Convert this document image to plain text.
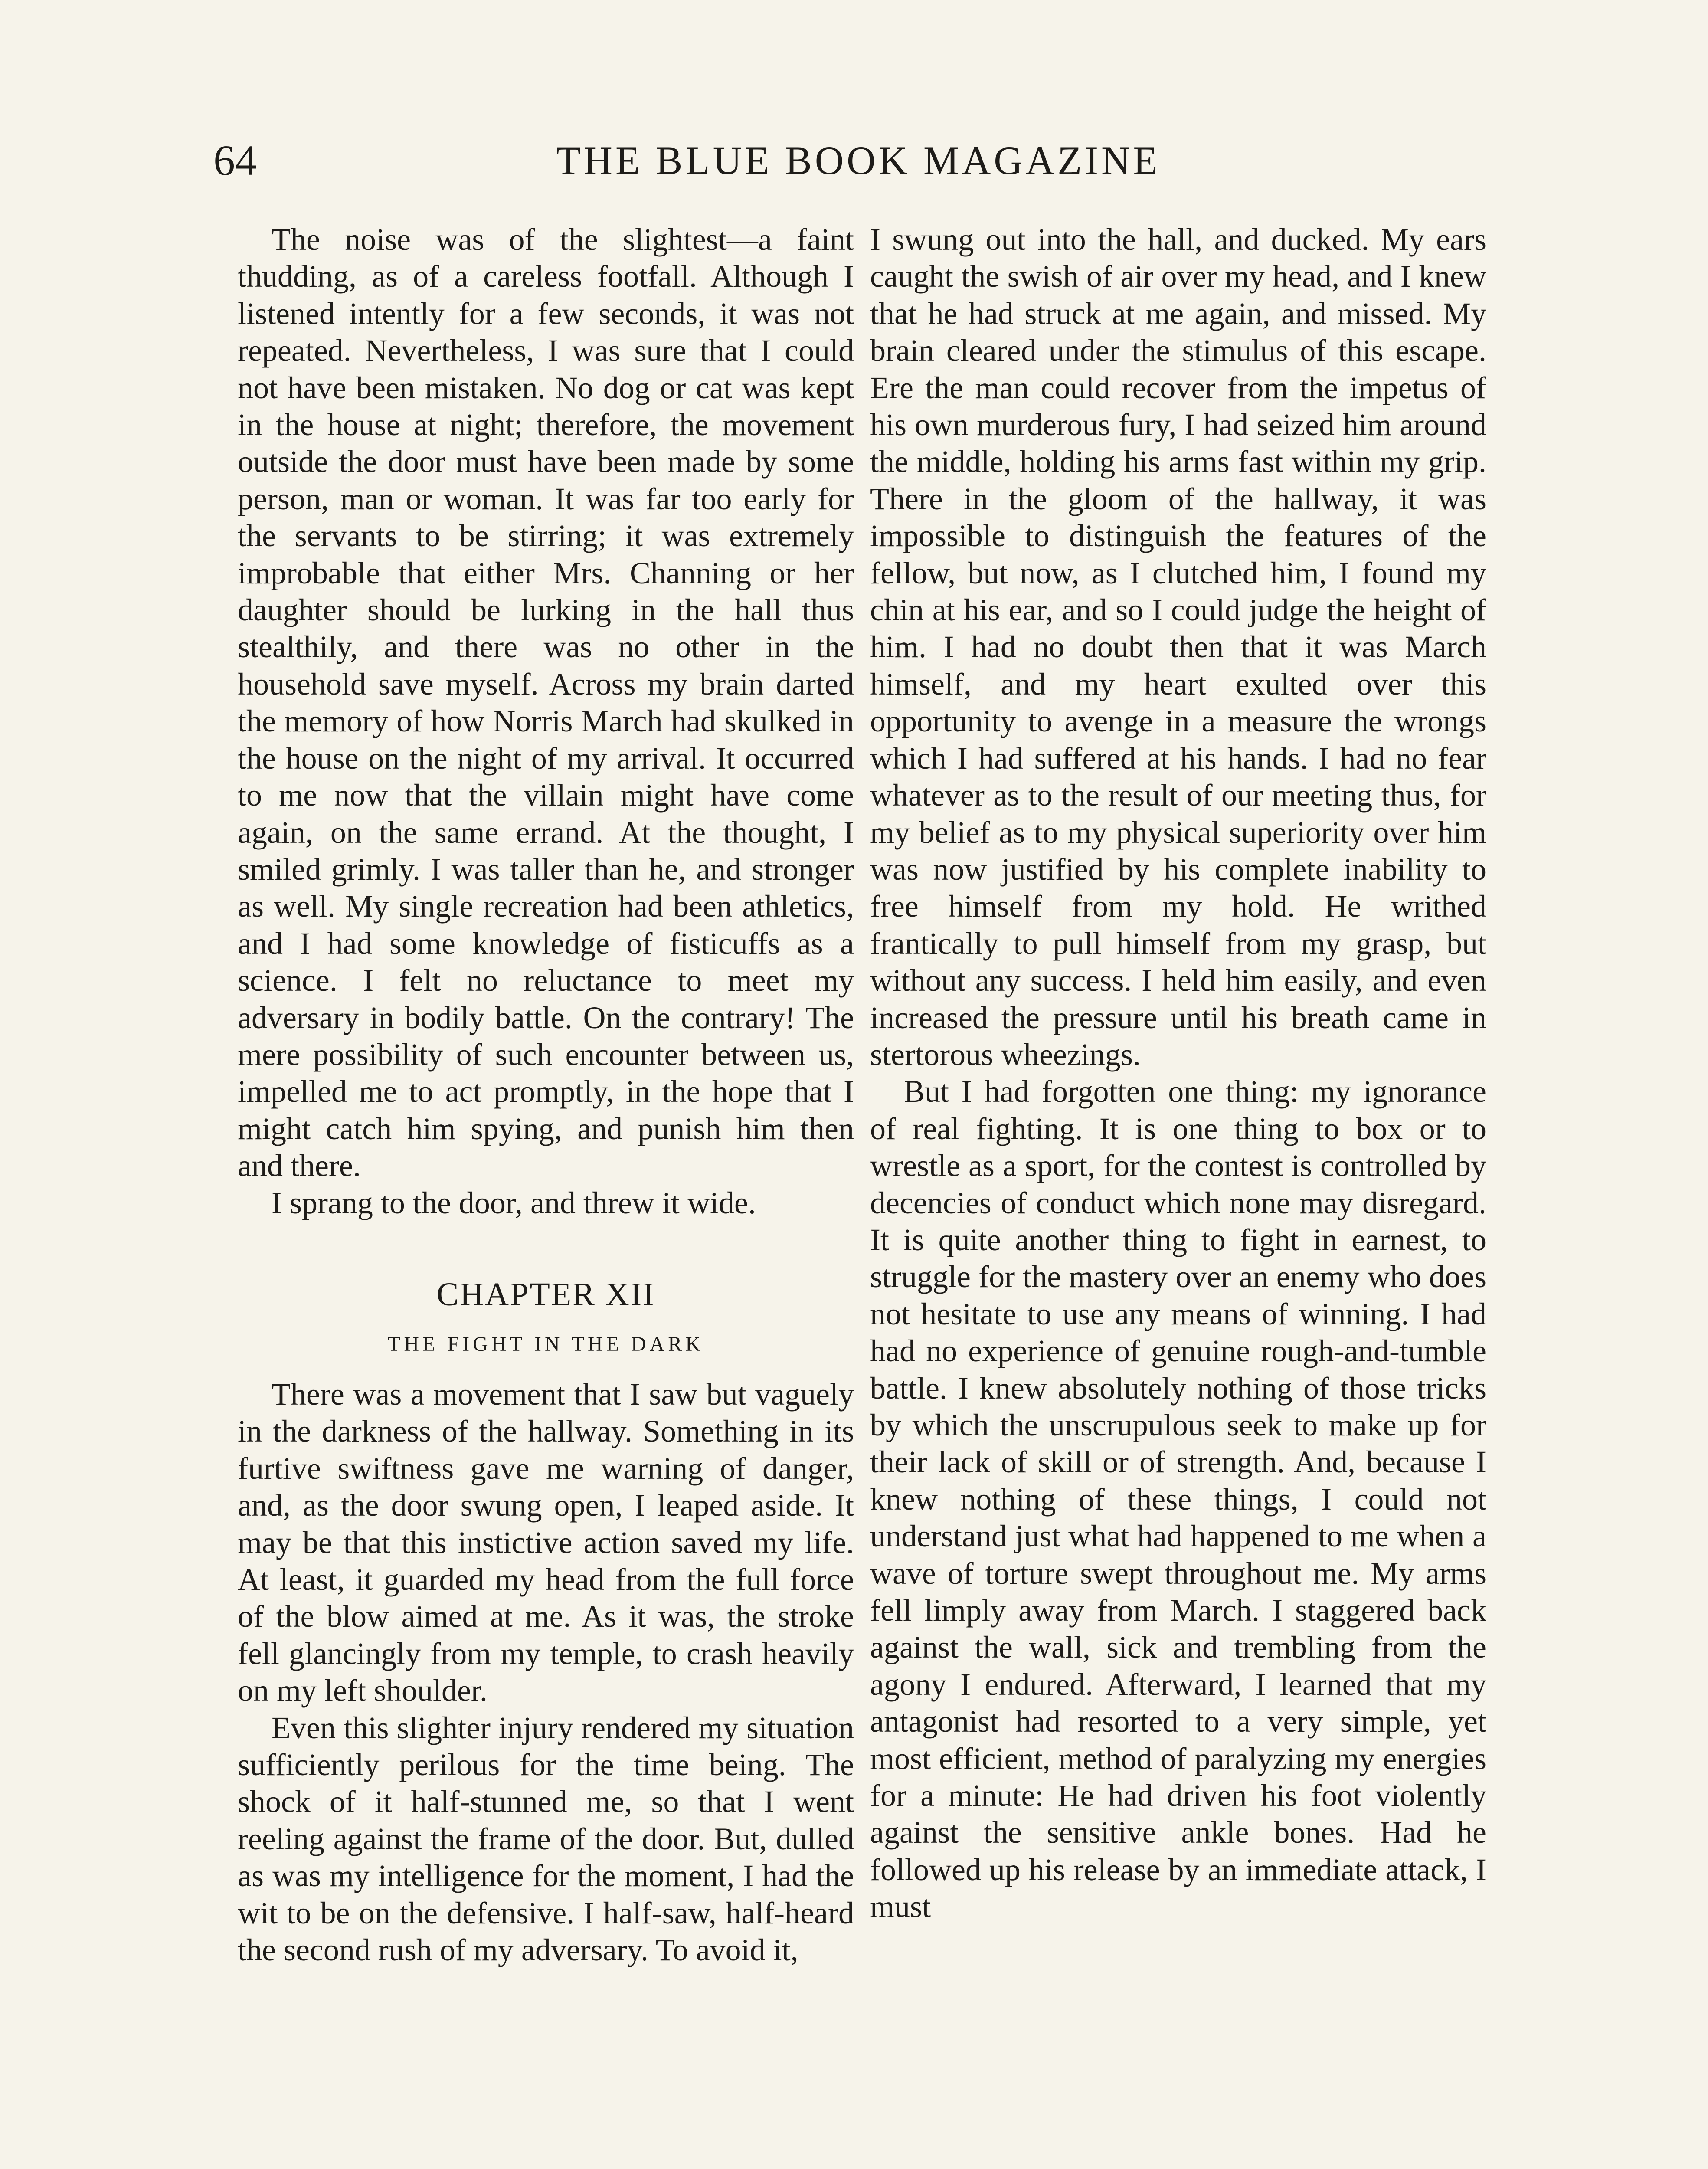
64	THE BLUE BOOK MAGAZINE

The noise was of the slightest—a faint thudding, as of a careless footfall. Although I listened intently for a few seconds, it was not repeated. Nevertheless, I was sure that I could not have been mistaken. No dog or cat was kept in the house at night; therefore, the movement outside the door must have been made by some person, man or woman. It was far too early for the servants to be stirring; it was extremely improbable that either Mrs. Channing or her daughter should be lurking in the hall thus stealthily, and there was no other in the household save myself. Across my brain darted the memory of how Norris March had skulked in the house on the night of my arrival. It occurred to me now that the villain might have come again, on the same errand. At the thought, I smiled grimly. I was taller than he, and stronger as well. My single recreation had been athletics, and I had some knowledge of fisticuffs as a science. I felt no reluctance to meet my adversary in bodily battle. On the contrary! The mere possibility of such encounter between us, impelled me to act promptly, in the hope that I might catch him spying, and punish him then and there.

I sprang to the door, and threw it wide.

CHAPTER XII
THE FIGHT IN THE DARK

There was a movement that I saw but vaguely in the darkness of the hallway. Something in its furtive swiftness gave me warning of danger, and, as the door swung open, I leaped aside. It may be that this instictive action saved my life. At least, it guarded my head from the full force of the blow aimed at me. As it was, the stroke fell glancingly from my temple, to crash heavily on my left shoulder.

Even this slighter injury rendered my situation sufficiently perilous for the time being. The shock of it half-stunned me, so that I went reeling against the frame of the door. But, dulled as was my intelligence for the moment, I had the wit to be on the defensive. I half-saw, half-heard the second rush of my adversary. To avoid it,

I swung out into the hall, and ducked. My ears caught the swish of air over my head, and I knew that he had struck at me again, and missed. My brain cleared under the stimulus of this escape. Ere the man could recover from the impetus of his own murderous fury, I had seized him around the middle, holding his arms fast within my grip. There in the gloom of the hallway, it was impossible to distinguish the features of the fellow, but now, as I clutched him, I found my chin at his ear, and so I could judge the height of him. I had no doubt then that it was March himself, and my heart exulted over this opportunity to avenge in a measure the wrongs which I had suffered at his hands. I had no fear whatever as to the result of our meeting thus, for my belief as to my physical superiority over him was now justified by his complete inability to free himself from my hold. He writhed frantically to pull himself from my grasp, but without any success. I held him easily, and even increased the pressure until his breath came in stertorous wheezings.

But I had forgotten one thing: my ignorance of real fighting. It is one thing to box or to wrestle as a sport, for the contest is controlled by decencies of conduct which none may disregard. It is quite another thing to fight in earnest, to struggle for the mastery over an enemy who does not hesitate to use any means of winning. I had had no experience of genuine rough-and-tumble battle. I knew absolutely nothing of those tricks by which the unscrupulous seek to make up for their lack of skill or of strength. And, because I knew nothing of these things, I could not understand just what had happened to me when a wave of torture swept throughout me. My arms fell limply away from March. I staggered back against the wall, sick and trembling from the agony I endured. Afterward, I learned that my antagonist had resorted to a very simple, yet most efficient, method of paralyzing my energies for a minute: He had driven his foot violently against the sensitive ankle bones. Had he followed up his release by an immediate attack, I must
